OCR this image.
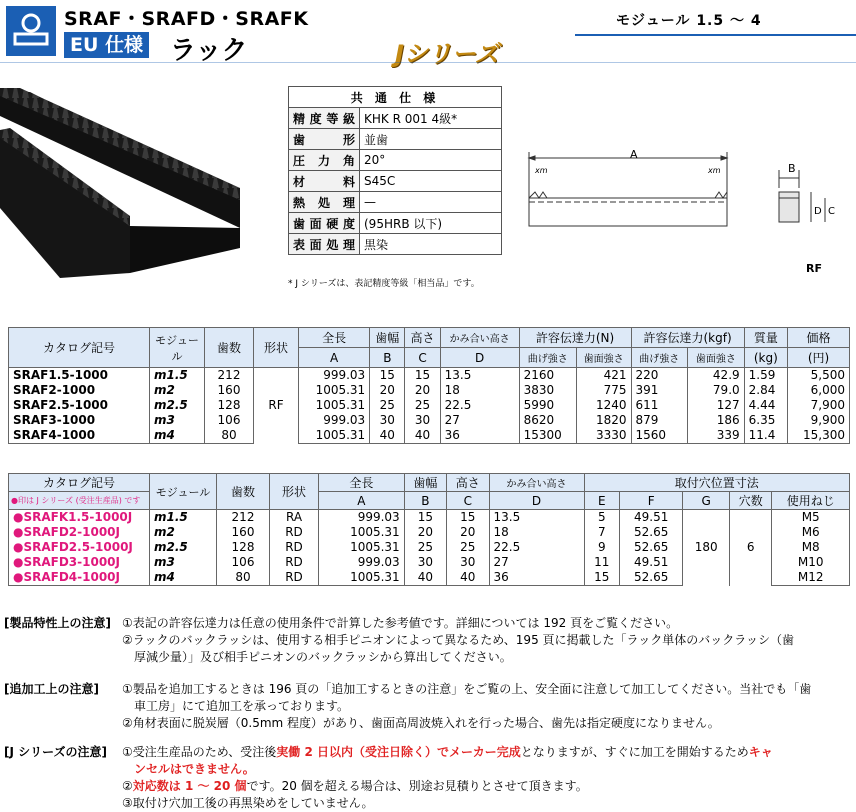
SRAF・SRAFD・SRAFK
EU 仕様 ラック	Jシリーズ
モジュール 1.5 ～ 4
共 通 仕 様	
精度等級	KHK R 001 4級*
歯形	並歯
圧力角	20°
材料	S45C
熱処理	—
歯面硬度	(95HRB 以下)
表面処理	黒染
* J シリーズは、表記精度等級「相当品」です。
A
xm	xm	B
D C
RF
カタログ記号	モジュール	歯数	形状	全長	歯幅	高さ	かみ合い高さ	許容伝達力(N)		許容伝達力(kgf)		質量	価格
				A	B	C	D	曲げ強さ	歯面強さ	曲げ強さ	歯面強さ	(kg)	(円)
SRAF1.5-1000	m1.5	212	RF	999.03	15	15	13.5	2160	421	220	42.9	1.59	5,500
SRAF2-1000	m2	160		1005.31	20	20	18	3830	775	391	79.0	2.84	6,000
SRAF2.5-1000	m2.5	128		1005.31	25	25	22.5	5990	1240	611	127	4.44	7,900
SRAF3-1000	m3	106		999.03	30	30	27	8620	1820	879	186	6.35	9,900
SRAF4-1000	m4	80		1005.31	40	40	36	15300	3330	1560	339	11.4	15,300
カタログ記号	モジュール	歯数	形状	全長	歯幅	高さ	かみ合い高さ	取付穴位置寸法				
●印は J シリーズ (受注生産品) です				A	B	C	D	E	F	G	穴数	使用ねじ
●SRAFK1.5-1000J	m1.5	212	RA	999.03	15	15	13.5	5	49.51	180	6	M5
●SRAFD2-1000J	m2	160	RD	1005.31	20	20	18	7	52.65			M6
●SRAFD2.5-1000J	m2.5	128	RD	1005.31	25	25	22.5	9	52.65			M8
●SRAFD3-1000J	m3	106	RD	999.03	30	30	27	11	49.51			M10
●SRAFD4-1000J	m4	80	RD	1005.31	40	40	36	15	52.65			M12
[製品特性上の注意] ①表記の許容伝達力は任意の使用条件で計算した参考値です。詳細については 192 頁をご覧ください。
②ラックのバックラッシは、使用する相手ピニオンによって異なるため、195 頁に掲載した「ラック単体のバックラッシ（歯
厚減少量）」及び相手ピニオンのバックラッシから算出してください。
[追加工上の注意] ①製品を追加工するときは 196 頁の「追加工するときの注意」をご覧の上、安全面に注意して加工してください。当社でも「歯
車工房」にて追加工を承っております。
②角材表面に脱炭層（0.5mm 程度）があり、歯面高周波焼入れを行った場合、歯先は指定硬度になりません。
[J シリーズの注意] ①受注生産品のため、受注後実働 2 日以内（受注日除く）でメーカー完成となりますが、すぐに加工を開始するためキャ
ンセルはできません。
②対応数は 1 ～ 20 個です。20 個を超える場合は、別途お見積りとさせて頂きます。
③取付け穴加工後の再黒染めをしていません。
